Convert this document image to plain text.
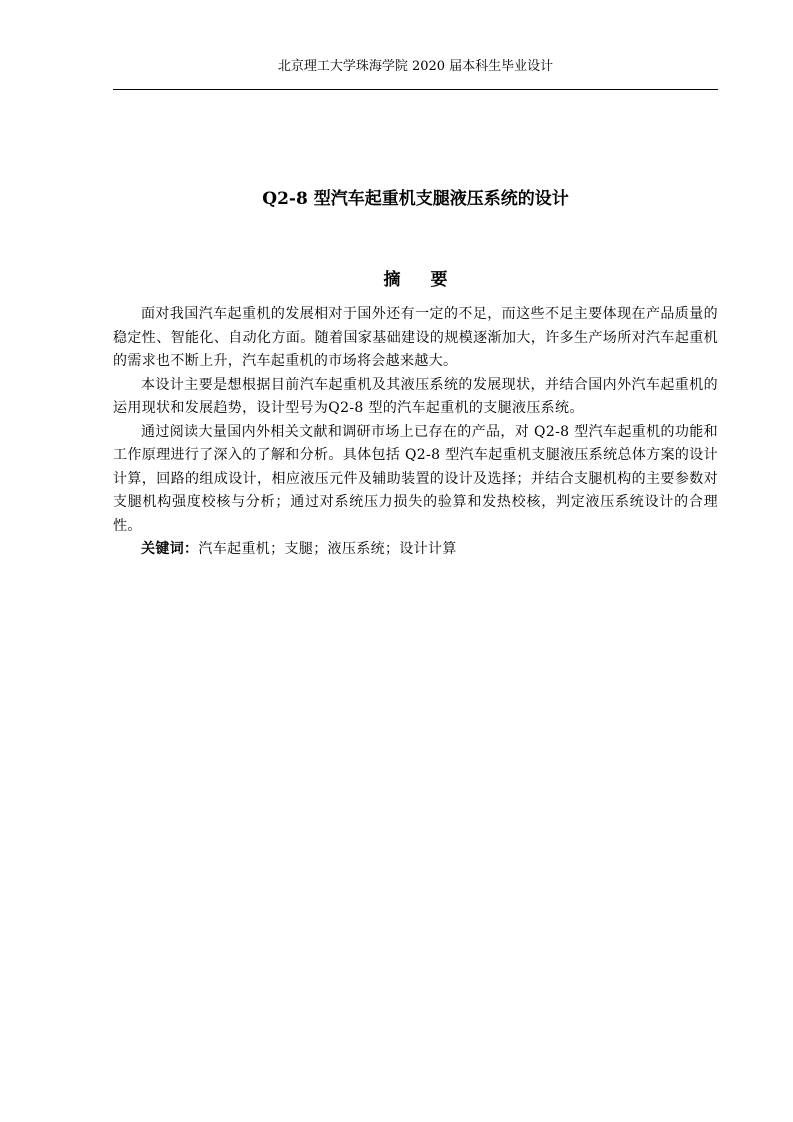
北京理工大学珠海学院 2020 届本科生毕业设计
Q2-8 型汽车起重机支腿液压系统的设计
摘 要

面对我国汽车起重机的发展相对于国外还有一定的不足，而这些不足主要体现在产品质量的稳定性、智能化、自动化方面。随着国家基础建设的规模逐渐加大，许多生产场所对汽车起重机的需求也不断上升，汽车起重机的市场将会越来越大。

本设计主要是想根据目前汽车起重机及其液压系统的发展现状，并结合国内外汽车起重机的运用现状和发展趋势，设计型号为Q2-8 型的汽车起重机的支腿液压系统。

通过阅读大量国内外相关文献和调研市场上已存在的产品，对 Q2-8 型汽车起重机的功能和工作原理进行了深入的了解和分析。具体包括 Q2-8 型汽车起重机支腿液压系统总体方案的设计计算，回路的组成设计，相应液压元件及辅助装置的设计及选择；并结合支腿机构的主要参数对支腿机构强度校核与分析；通过对系统压力损失的验算和发热校核，判定液压系统设计的合理性。

关键词：汽车起重机；支腿；液压系统；设计计算
